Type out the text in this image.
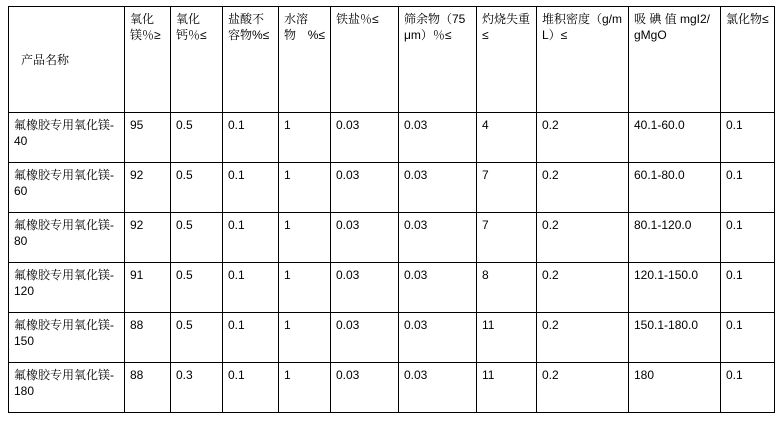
产品名称	氧化镁％≥	氧化钙％≤	盐酸不容物%≤	水溶物%≤	铁盐％≤	筛余物（75μm）％≤	灼烧失重≤	堆积密度（g/mL）≤	吸 碘 值 mgI2/gMgO	氯化物≤
氟橡胶专用氧化镁-40	95	0.5	0.1	1	0.03	0.03	4	0.2	40.1-60.0	0.1
氟橡胶专用氧化镁-60	92	0.5	0.1	1	0.03	0.03	7	0.2	60.1-80.0	0.1
氟橡胶专用氧化镁-80	92	0.5	0.1	1	0.03	0.03	7	0.2	80.1-120.0	0.1
氟橡胶专用氧化镁-120	91	0.5	0.1	1	0.03	0.03	8	0.2	120.1-150.0	0.1
氟橡胶专用氧化镁-150	88	0.5	0.1	1	0.03	0.03	11	0.2	150.1-180.0	0.1
氟橡胶专用氧化镁-180	88	0.3	0.1	1	0.03	0.03	11	0.2	180	0.1
